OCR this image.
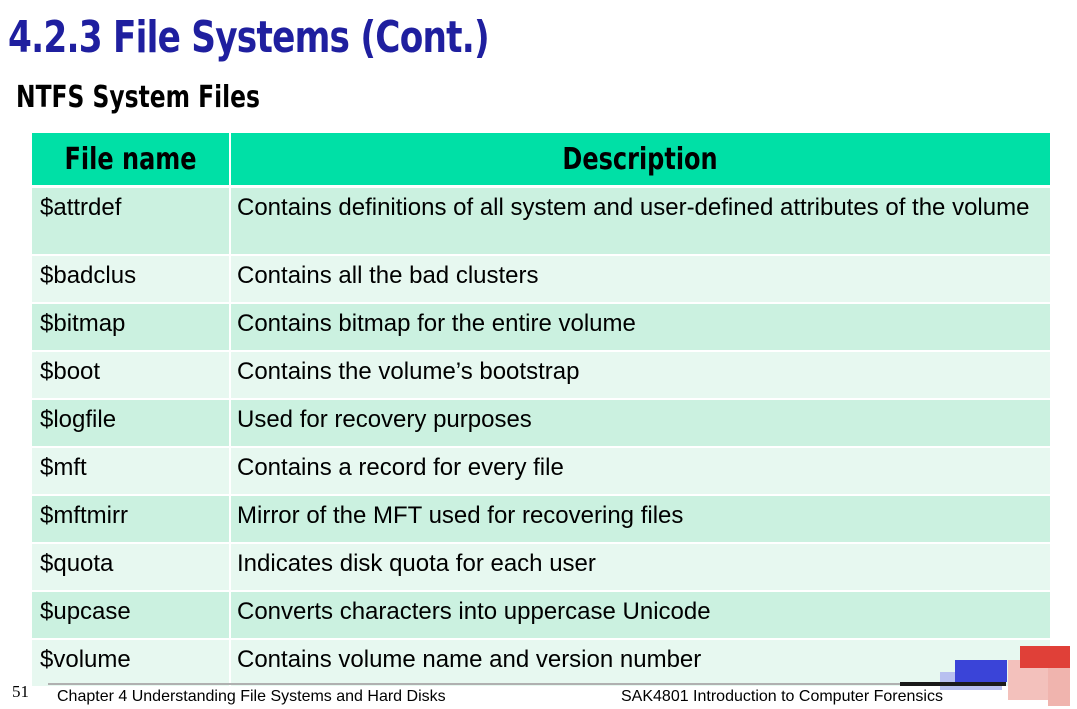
4.2.3 File Systems (Cont.)
NTFS System Files
File name	Description
$attrdef	Contains definitions of all system and user-defined attributes of the volume
$badclus	Contains all the bad clusters
$bitmap	Contains bitmap for the entire volume
$boot	Contains the volume’s bootstrap
$logfile	Used for recovery purposes
$mft	Contains a record for every file
$mftmirr	Mirror of the MFT used for recovering files
$quota	Indicates disk quota for each user
$upcase	Converts characters into uppercase Unicode
$volume	Contains volume name and version number
51 Chapter 4 Understanding File Systems and Hard Disks	SAK4801 Introduction to Computer Forensics
